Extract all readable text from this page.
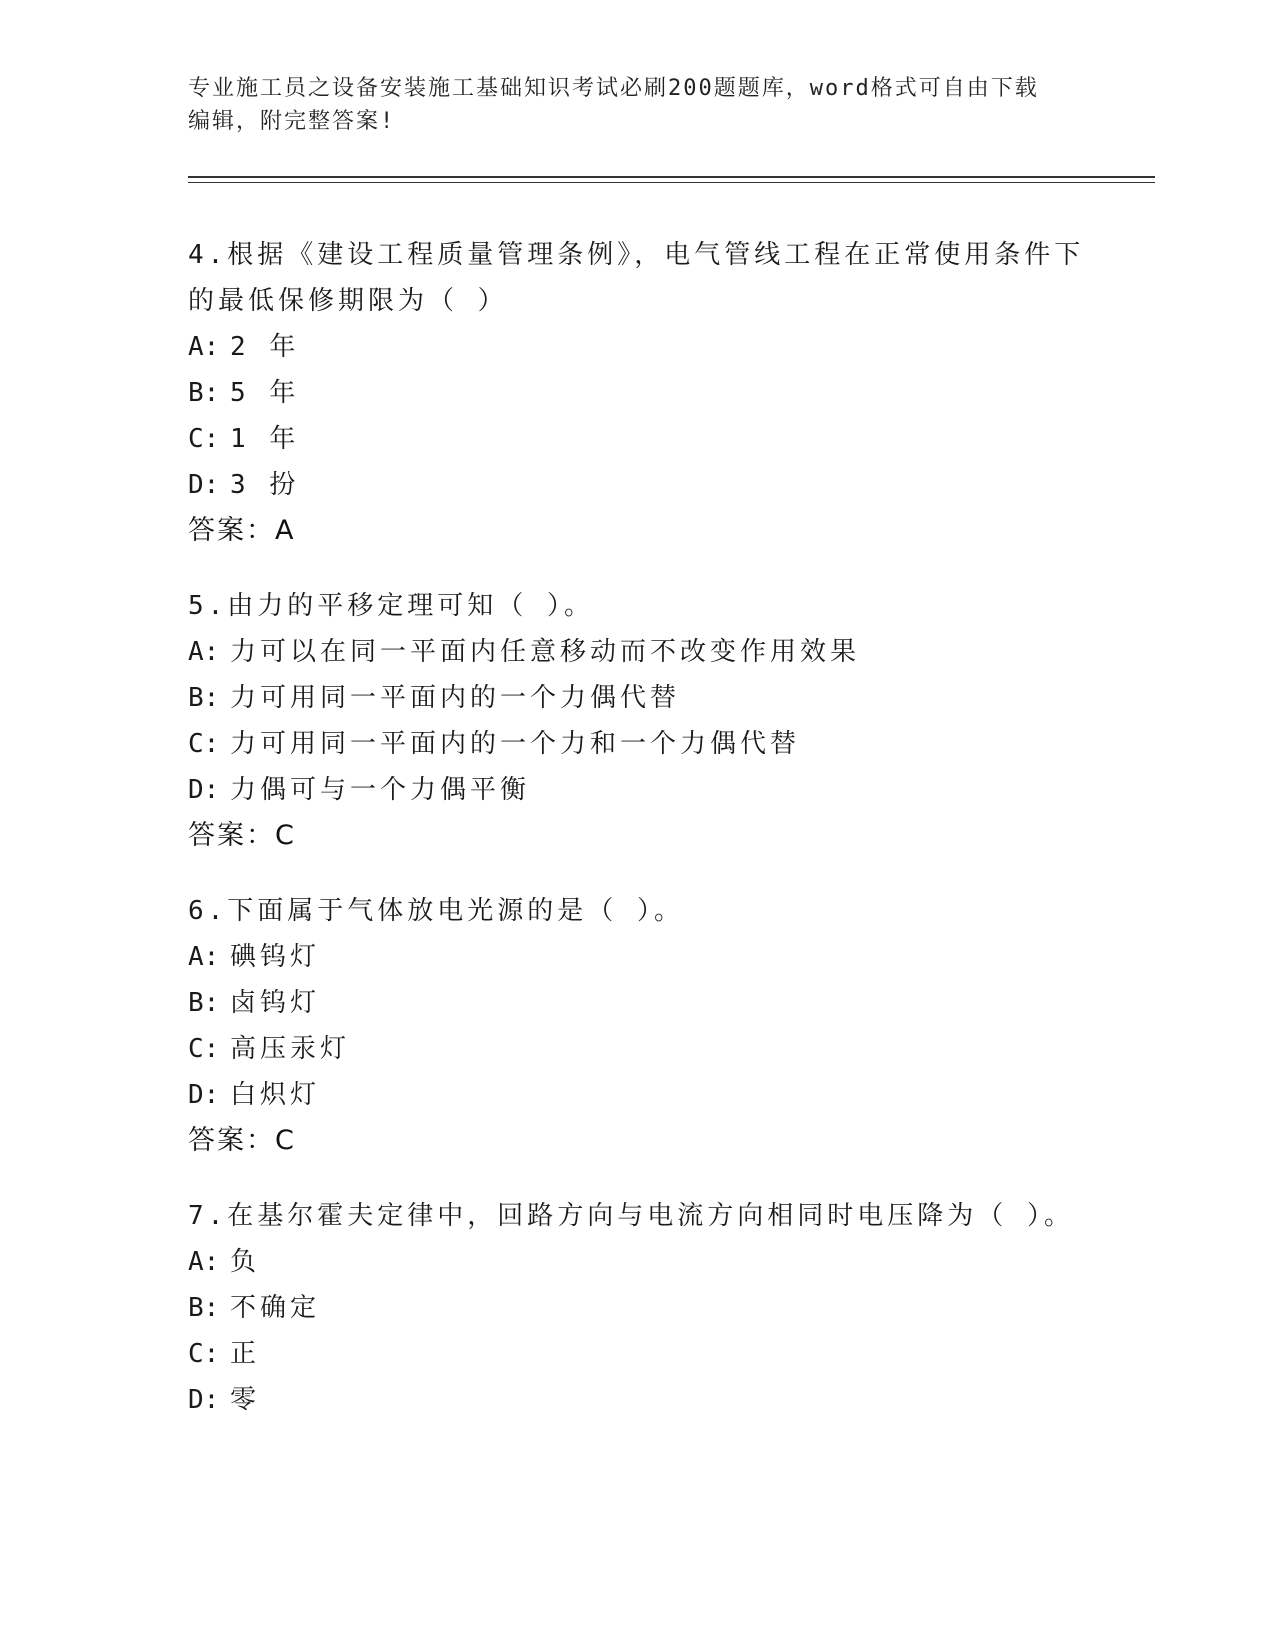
专业施工员之设备安装施工基础知识考试必刷200题题库，word格式可自由下载
编辑，附完整答案!
4.根据《建设工程质量管理条例》，电气管线工程在正常使用条件下
的最低保修期限为（ ）
A: 2 年
B: 5 年
C: 1 年
D: 3 扮
答案：A
5.由力的平移定理可知（ ）。
A: 力可以在同一平面内任意移动而不改变作用效果
B: 力可用同一平面内的一个力偶代替
C: 力可用同一平面内的一个力和一个力偶代替
D: 力偶可与一个力偶平衡
答案：C
6.下面属于气体放电光源的是（ ）。
A: 碘钨灯
B: 卤钨灯
C: 高压汞灯
D: 白炽灯
答案：C
7.在基尔霍夫定律中，回路方向与电流方向相同时电压降为（ ）。
A: 负
B: 不确定
C: 正
D: 零
